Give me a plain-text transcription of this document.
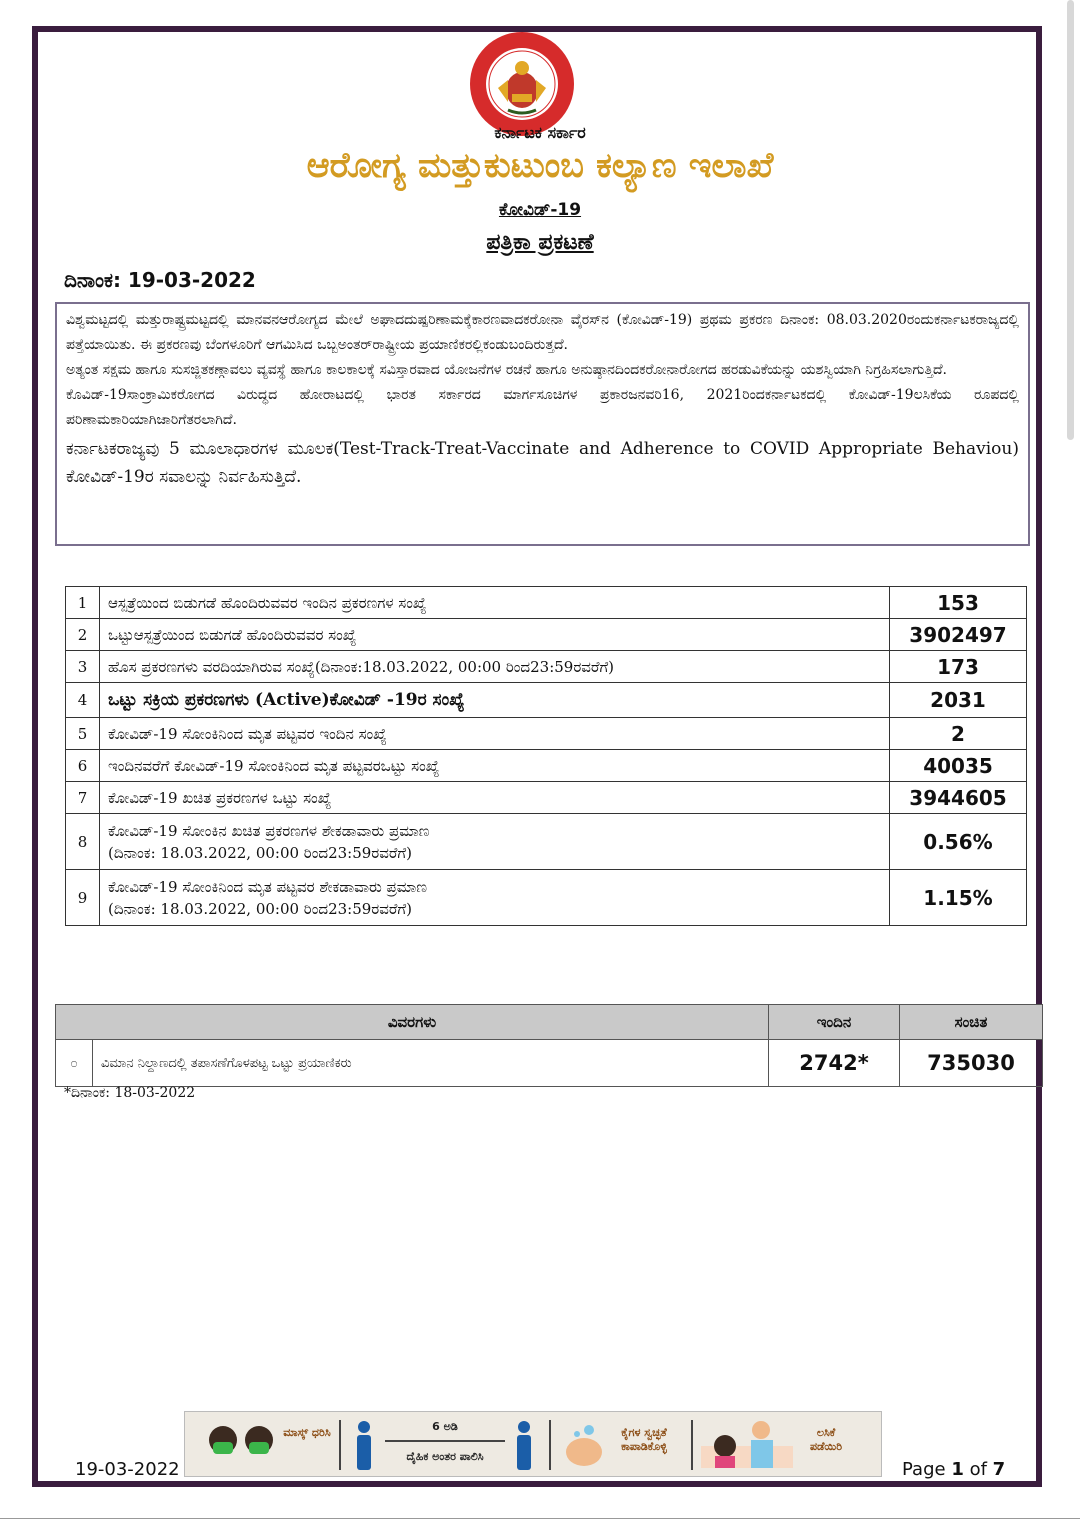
ಕರ್ನಾಟಕ ಸರ್ಕಾರ
ಆರೋಗ್ಯ ಮತ್ತುಕುಟುಂಬ ಕಲ್ಯಾಣ ಇಲಾಖೆ
ಕೋವಿಡ್-19
ಪತ್ರಿಕಾ ಪ್ರಕಟಣೆ
ದಿನಾಂಕ: 19-03-2022

ವಿಶ್ವಮಟ್ಟದಲ್ಲಿ ಮತ್ತುರಾಷ್ಟ್ರಮಟ್ಟದಲ್ಲಿ ಮಾನವನಆರೋಗ್ಯದ ಮೇಲೆ ಅಘಾದದುಷ್ಪರಿಣಾಮಕ್ಕೆಕಾರಣವಾದಕರೋನಾ ವೈರಸ್‌ನ (ಕೋವಿಡ್-19) ಪ್ರಥಮ ಪ್ರಕರಣ ದಿನಾಂಕ: 08.03.2020ರಂದುಕರ್ನಾಟಕರಾಜ್ಯದಲ್ಲಿ ಪತ್ತೆಯಾಯಿತು. ಈ ಪ್ರಕರಣವು ಬೆಂಗಳೂರಿಗೆ ಆಗಮಿಸಿದ ಒಬ್ಬಅಂತರ್‌ರಾಷ್ಟ್ರೀಯ ಪ್ರಯಾಣಿಕರಲ್ಲಿಕಂಡುಬಂದಿರುತ್ತದೆ.

ಅತ್ಯಂತ ಸಕ್ಷಮ ಹಾಗೂ ಸುಸಜ್ಜಿತಕಣ್ಗಾವಲು ವ್ಯವಸ್ಥೆ ಹಾಗೂ ಕಾಲಕಾಲಕ್ಕೆ ಸವಿಸ್ತಾರವಾದ ಯೋಜನೆಗಳ ರಚನೆ ಹಾಗೂ ಅನುಷ್ಠಾನದಿಂದಕರೋನಾರೋಗದ ಹರಡುವಿಕೆಯನ್ನು ಯಶಸ್ವಿಯಾಗಿ ನಿಗ್ರಹಿಸಲಾಗುತ್ತಿದೆ.

ಕೊವಿಡ್-19ಸಾಂಕ್ರಾಮಿಕರೋಗದ ವಿರುದ್ಧದ ಹೋರಾಟದಲ್ಲಿ ಭಾರತ ಸರ್ಕಾರದ ಮಾರ್ಗಸೂಚಿಗಳ ಪ್ರಕಾರಜನವರಿ16, 2021ರಿಂದಕರ್ನಾಟಕದಲ್ಲಿ ಕೋವಿಡ್-19ಲಸಿಕೆಯ ರೂಪದಲ್ಲಿ ಪರಿಣಾಮಕಾರಿಯಾಗಿಜಾರಿಗೆತರಲಾಗಿದೆ.

ಕರ್ನಾಟಕರಾಜ್ಯವು 5 ಮೂಲಾಧಾರಗಳ ಮೂಲಕ(Test-Track-Treat-Vaccinate and Adherence to COVID Appropriate Behaviou) ಕೋವಿಡ್-19ರ ಸವಾಲನ್ನು ನಿರ್ವಹಿಸುತ್ತಿದೆ.

1	ಆಸ್ಪತ್ರೆಯಿಂದ ಬಿಡುಗಡೆ ಹೊಂದಿರುವವರ ಇಂದಿನ ಪ್ರಕರಣಗಳ ಸಂಖ್ಯೆ	153
2	ಒಟ್ಟುಆಸ್ಪತ್ರೆಯಿಂದ ಬಿಡುಗಡೆ ಹೊಂದಿರುವವರ ಸಂಖ್ಯೆ	3902497
3	ಹೊಸ ಪ್ರಕರಣಗಳು ವರದಿಯಾಗಿರುವ ಸಂಖ್ಯೆ(ದಿನಾಂಕ:18.03.2022, 00:00 ರಿಂದ23:59ರವರೆಗೆ)	173
4	ಒಟ್ಟು ಸಕ್ರಿಯ ಪ್ರಕರಣಗಳು (Active)ಕೋವಿಡ್ -19ರ ಸಂಖ್ಯೆ	2031
5	ಕೋವಿಡ್-19 ಸೋಂಕಿನಿಂದ ಮೃತ ಪಟ್ಟವರ ಇಂದಿನ ಸಂಖ್ಯೆ	2
6	ಇಂದಿನವರೆಗೆ ಕೋವಿಡ್-19 ಸೋಂಕಿನಿಂದ ಮೃತ ಪಟ್ಟವರಒಟ್ಟು ಸಂಖ್ಯೆ	40035
7	ಕೋವಿಡ್-19 ಖಚಿತ ಪ್ರಕರಣಗಳ ಒಟ್ಟು ಸಂಖ್ಯೆ	3944605
8	ಕೋವಿಡ್-19 ಸೋಂಕಿನ ಖಚಿತ ಪ್ರಕರಣಗಳ ಶೇಕಡಾವಾರು ಪ್ರಮಾಣ
(ದಿನಾಂಕ: 18.03.2022, 00:00 ರಿಂದ23:59ರವರೆಗೆ)	0.56%
9	ಕೋವಿಡ್-19 ಸೋಂಕಿನಿಂದ ಮೃತ ಪಟ್ಟವರ ಶೇಕಡಾವಾರು ಪ್ರಮಾಣ
(ದಿನಾಂಕ: 18.03.2022, 00:00 ರಿಂದ23:59ರವರೆಗೆ)	1.15%
ವಿವರಗಳು		ಇಂದಿನ	ಸಂಚಿತ
೦	ವಿಮಾನ ನಿಲ್ದಾಣದಲ್ಲಿ ತಪಾಸಣೆಗೊಳಪಟ್ಟ ಒಟ್ಟು ಪ್ರಯಾಣಿಕರು	2742*	735030
*ದಿನಾಂಕ: 18-03-2022
ಮಾಸ್ಕ್ ಧರಿಸಿ	6 ಅಡಿ
ದೈಹಿಕ ಅಂತರ ಪಾಲಿಸಿ
ಕೈಗಳ ಸ್ವಚ್ಛತೆ ಕಾಪಾಡಿಕೊಳ್ಳಿ
ಲಸಿಕೆ ಪಡೆಯಿರಿ
19-03-2022	Page 1 of 7
